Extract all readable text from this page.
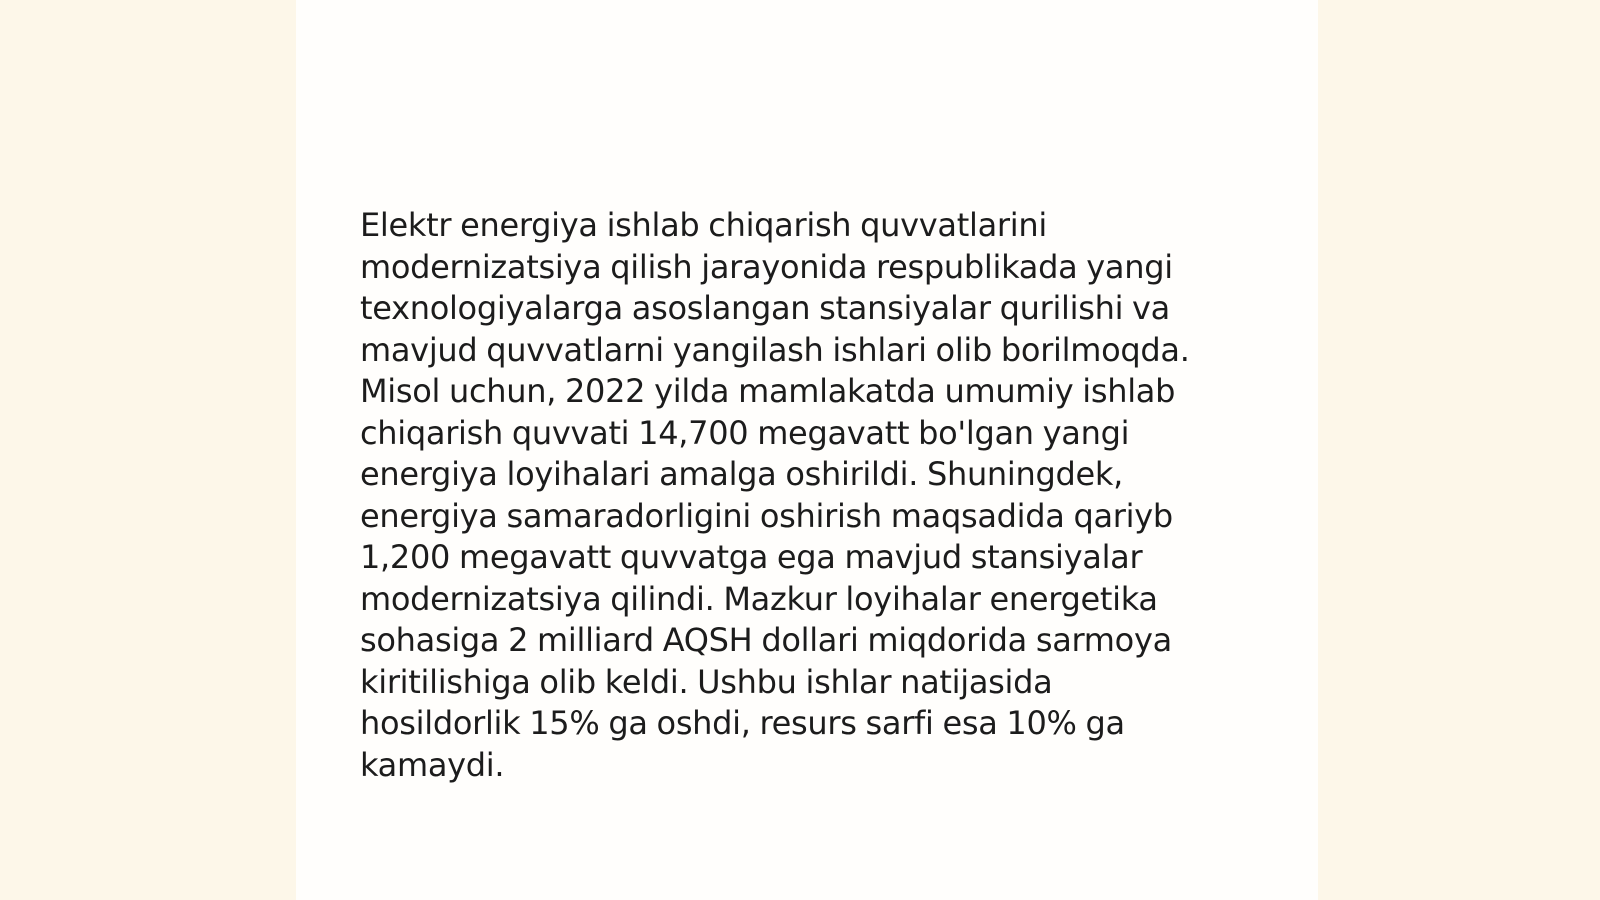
Elektr energiya ishlab chiqarish quvvatlarini
modernizatsiya qilish jarayonida respublikada yangi
texnologiyalarga asoslangan stansiyalar qurilishi va
mavjud quvvatlarni yangilash ishlari olib borilmoqda.
Misol uchun, 2022 yilda mamlakatda umumiy ishlab
chiqarish quvvati 14,700 megavatt bo'lgan yangi
energiya loyihalari amalga oshirildi. Shuningdek,
energiya samaradorligini oshirish maqsadida qariyb
1,200 megavatt quvvatga ega mavjud stansiyalar
modernizatsiya qilindi. Mazkur loyihalar energetika
sohasiga 2 milliard AQSH dollari miqdorida sarmoya
kiritilishiga olib keldi. Ushbu ishlar natijasida
hosildorlik 15% ga oshdi, resurs sarfi esa 10% ga
kamaydi.
